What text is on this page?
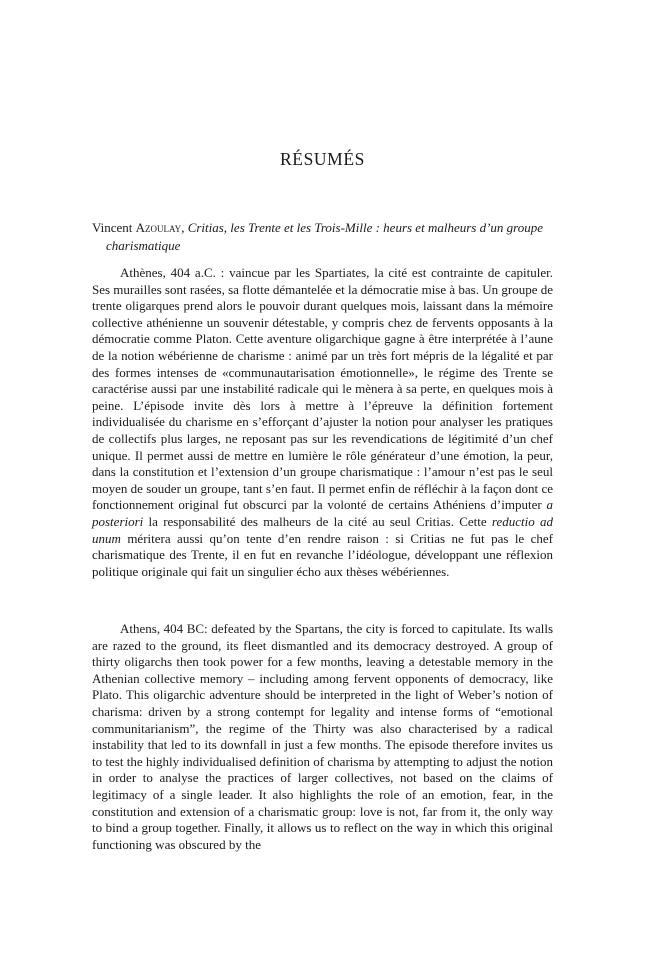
RÉSUMÉS
Vincent Azoulay, Critias, les Trente et les Trois-Mille : heurs et malheurs d’un groupe charismatique

Athènes, 404 a.C. : vaincue par les Spartiates, la cité est contrainte de capituler. Ses murailles sont rasées, sa flotte démantelée et la démocratie mise à bas. Un groupe de trente oligarques prend alors le pouvoir durant quelques mois, laissant dans la mémoire collective athénienne un souvenir détestable, y compris chez de fervents opposants à la démocratie comme Platon. Cette aventure oligarchique gagne à être interprétée à l’aune de la notion wébérienne de charisme : animé par un très fort mépris de la légalité et par des formes intenses de «communautarisation émotionnelle», le régime des Trente se caractérise aussi par une instabilité radicale qui le mènera à sa perte, en quelques mois à peine. L’épisode invite dès lors à mettre à l’épreuve la définition fortement individualisée du charisme en s’efforçant d’ajuster la notion pour analyser les pratiques de collectifs plus larges, ne reposant pas sur les revendications de légitimité d’un chef unique. Il permet aussi de mettre en lumière le rôle générateur d’une émotion, la peur, dans la constitution et l’extension d’un groupe charismatique : l’amour n’est pas le seul moyen de souder un groupe, tant s’en faut. Il permet enfin de réfléchir à la façon dont ce fonctionnement original fut obscurci par la volonté de certains Athéniens d’imputer a posteriori la responsabilité des malheurs de la cité au seul Critias. Cette reductio ad unum méritera aussi qu’on tente d’en rendre raison : si Critias ne fut pas le chef charismatique des Trente, il en fut en revanche l’idéologue, développant une réflexion politique originale qui fait un singulier écho aux thèses wébériennes.

Athens, 404 BC: defeated by the Spartans, the city is forced to capitulate. Its walls are razed to the ground, its fleet dismantled and its democracy destroyed. A group of thirty oligarchs then took power for a few months, leaving a detestable memory in the Athenian collective memory – including among fervent opponents of democracy, like Plato. This oligarchic adventure should be interpreted in the light of Weber’s notion of charisma: driven by a strong contempt for legality and intense forms of “emotional communitarianism”, the regime of the Thirty was also characterised by a radical instability that led to its downfall in just a few months. The episode therefore invites us to test the highly individualised definition of charisma by attempting to adjust the notion in order to analyse the practices of larger collectives, not based on the claims of legitimacy of a single leader. It also highlights the role of an emotion, fear, in the constitution and extension of a charismatic group: love is not, far from it, the only way to bind a group together. Finally, it allows us to reflect on the way in which this original functioning was obscured by the
